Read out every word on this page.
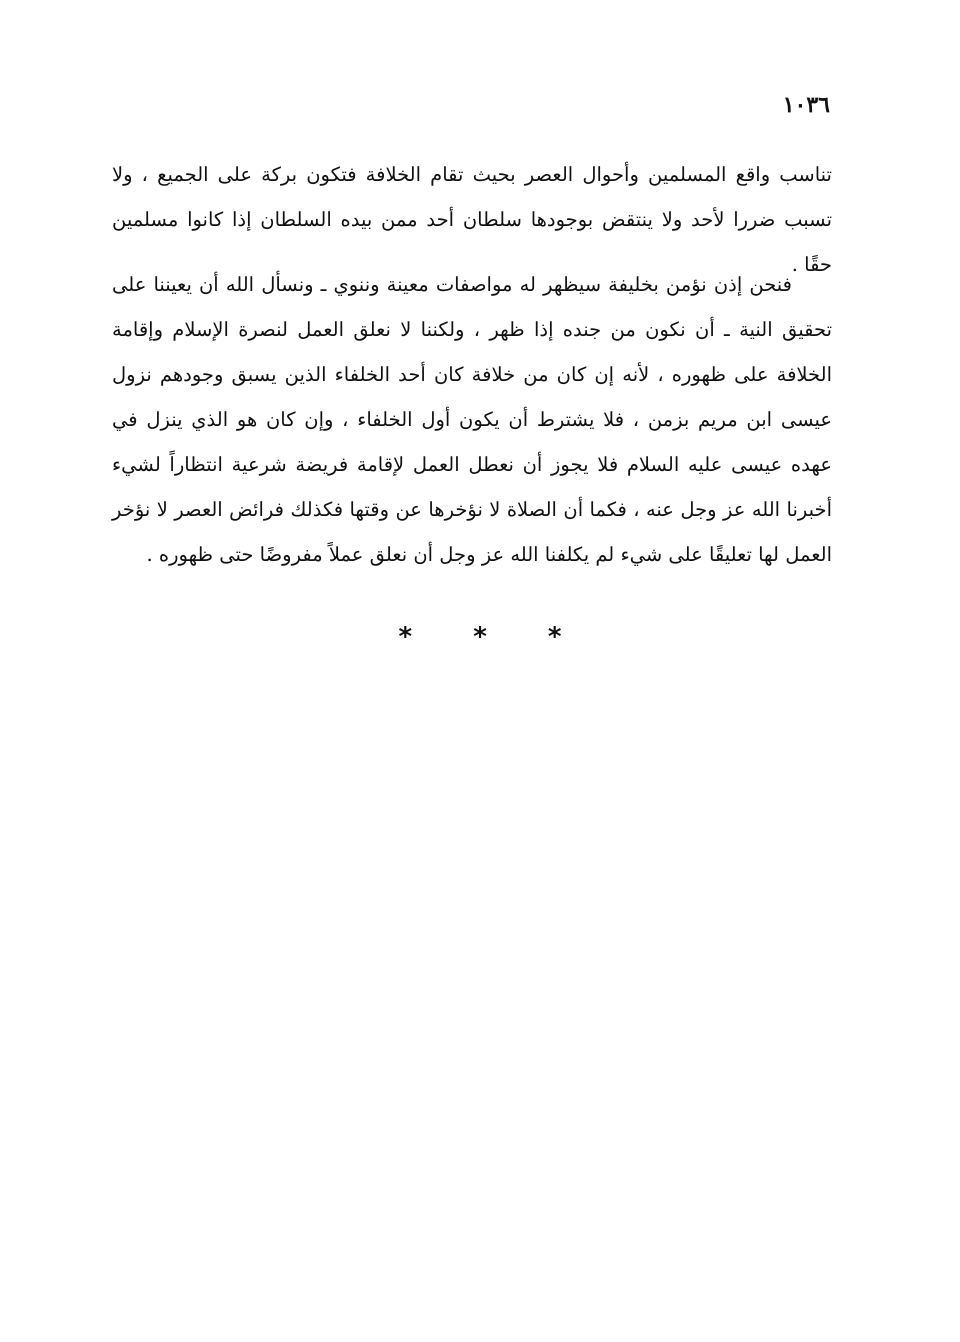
١٠٣٦

تناسب واقع المسلمين وأحوال العصر بحيث تقام الخلافة فتكون بركة على الجميع ، ولا تسبب ضررا لأحد ولا ينتقض بوجودها سلطان أحد ممن بيده السلطان إذا كانوا مسلمين حقًا .

فنحن إذن نؤمن بخليفة سيظهر له مواصفات معينة وننوي ـ ونسأل الله أن يعيننا على تحقيق النية ـ أن نكون من جنده إذا ظهر ، ولكننا لا نعلق العمل لنصرة الإسلام وإقامة الخلافة على ظهوره ، لأنه إن كان من خلافة كان أحد الخلفاء الذين يسبق وجودهم نزول عيسى ابن مريم بزمن ، فلا يشترط أن يكون أول الخلفاء ، وإن كان هو الذي ينزل في عهده عيسى عليه السلام فلا يجوز أن نعطل العمل لإقامة فريضة شرعية انتظاراً لشيء أخبرنا الله عز وجل عنه ، فكما أن الصلاة لا نؤخرها عن وقتها فكذلك فرائض العصر لا نؤخر العمل لها تعليقًا على شيء لم يكلفنا الله عز وجل أن نعلق عملاً مفروضًا حتى ظهوره .

* * *
